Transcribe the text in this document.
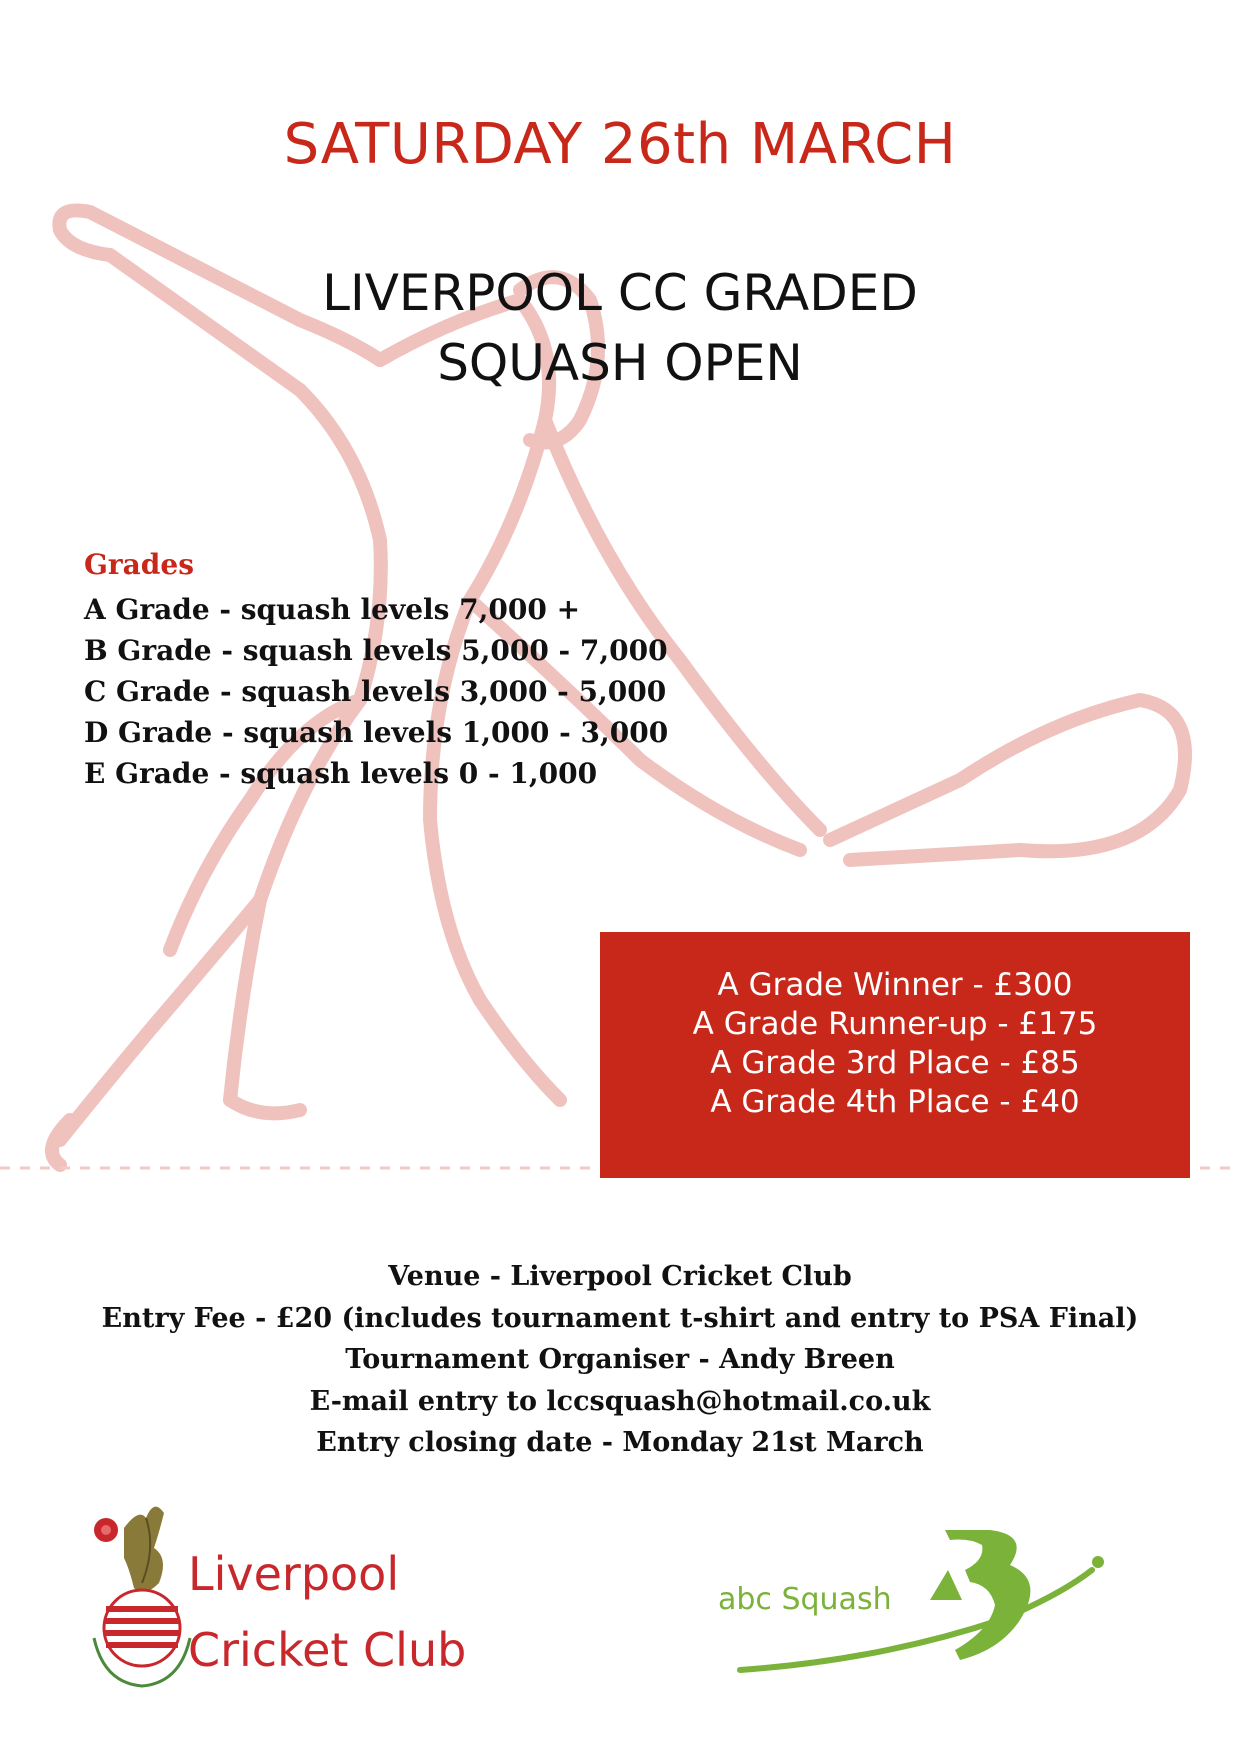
SATURDAY 26th MARCH
LIVERPOOL CC GRADED
SQUASH OPEN
Grades
A Grade - squash levels 7,000 +
B Grade - squash levels 5,000 - 7,000
C Grade - squash levels 3,000 - 5,000
D Grade - squash levels 1,000 - 3,000
E Grade - squash levels 0 - 1,000
A Grade Winner - £300
A Grade Runner-up - £175
A Grade 3rd Place - £85
A Grade 4th Place - £40
Venue - Liverpool Cricket Club
Entry Fee - £20 (includes tournament t-shirt and entry to PSA Final)
Tournament Organiser - Andy Breen
E-mail entry to lccsquash@hotmail.co.uk
Entry closing date - Monday 21st March
Liverpool
Cricket Club
abc Squash
